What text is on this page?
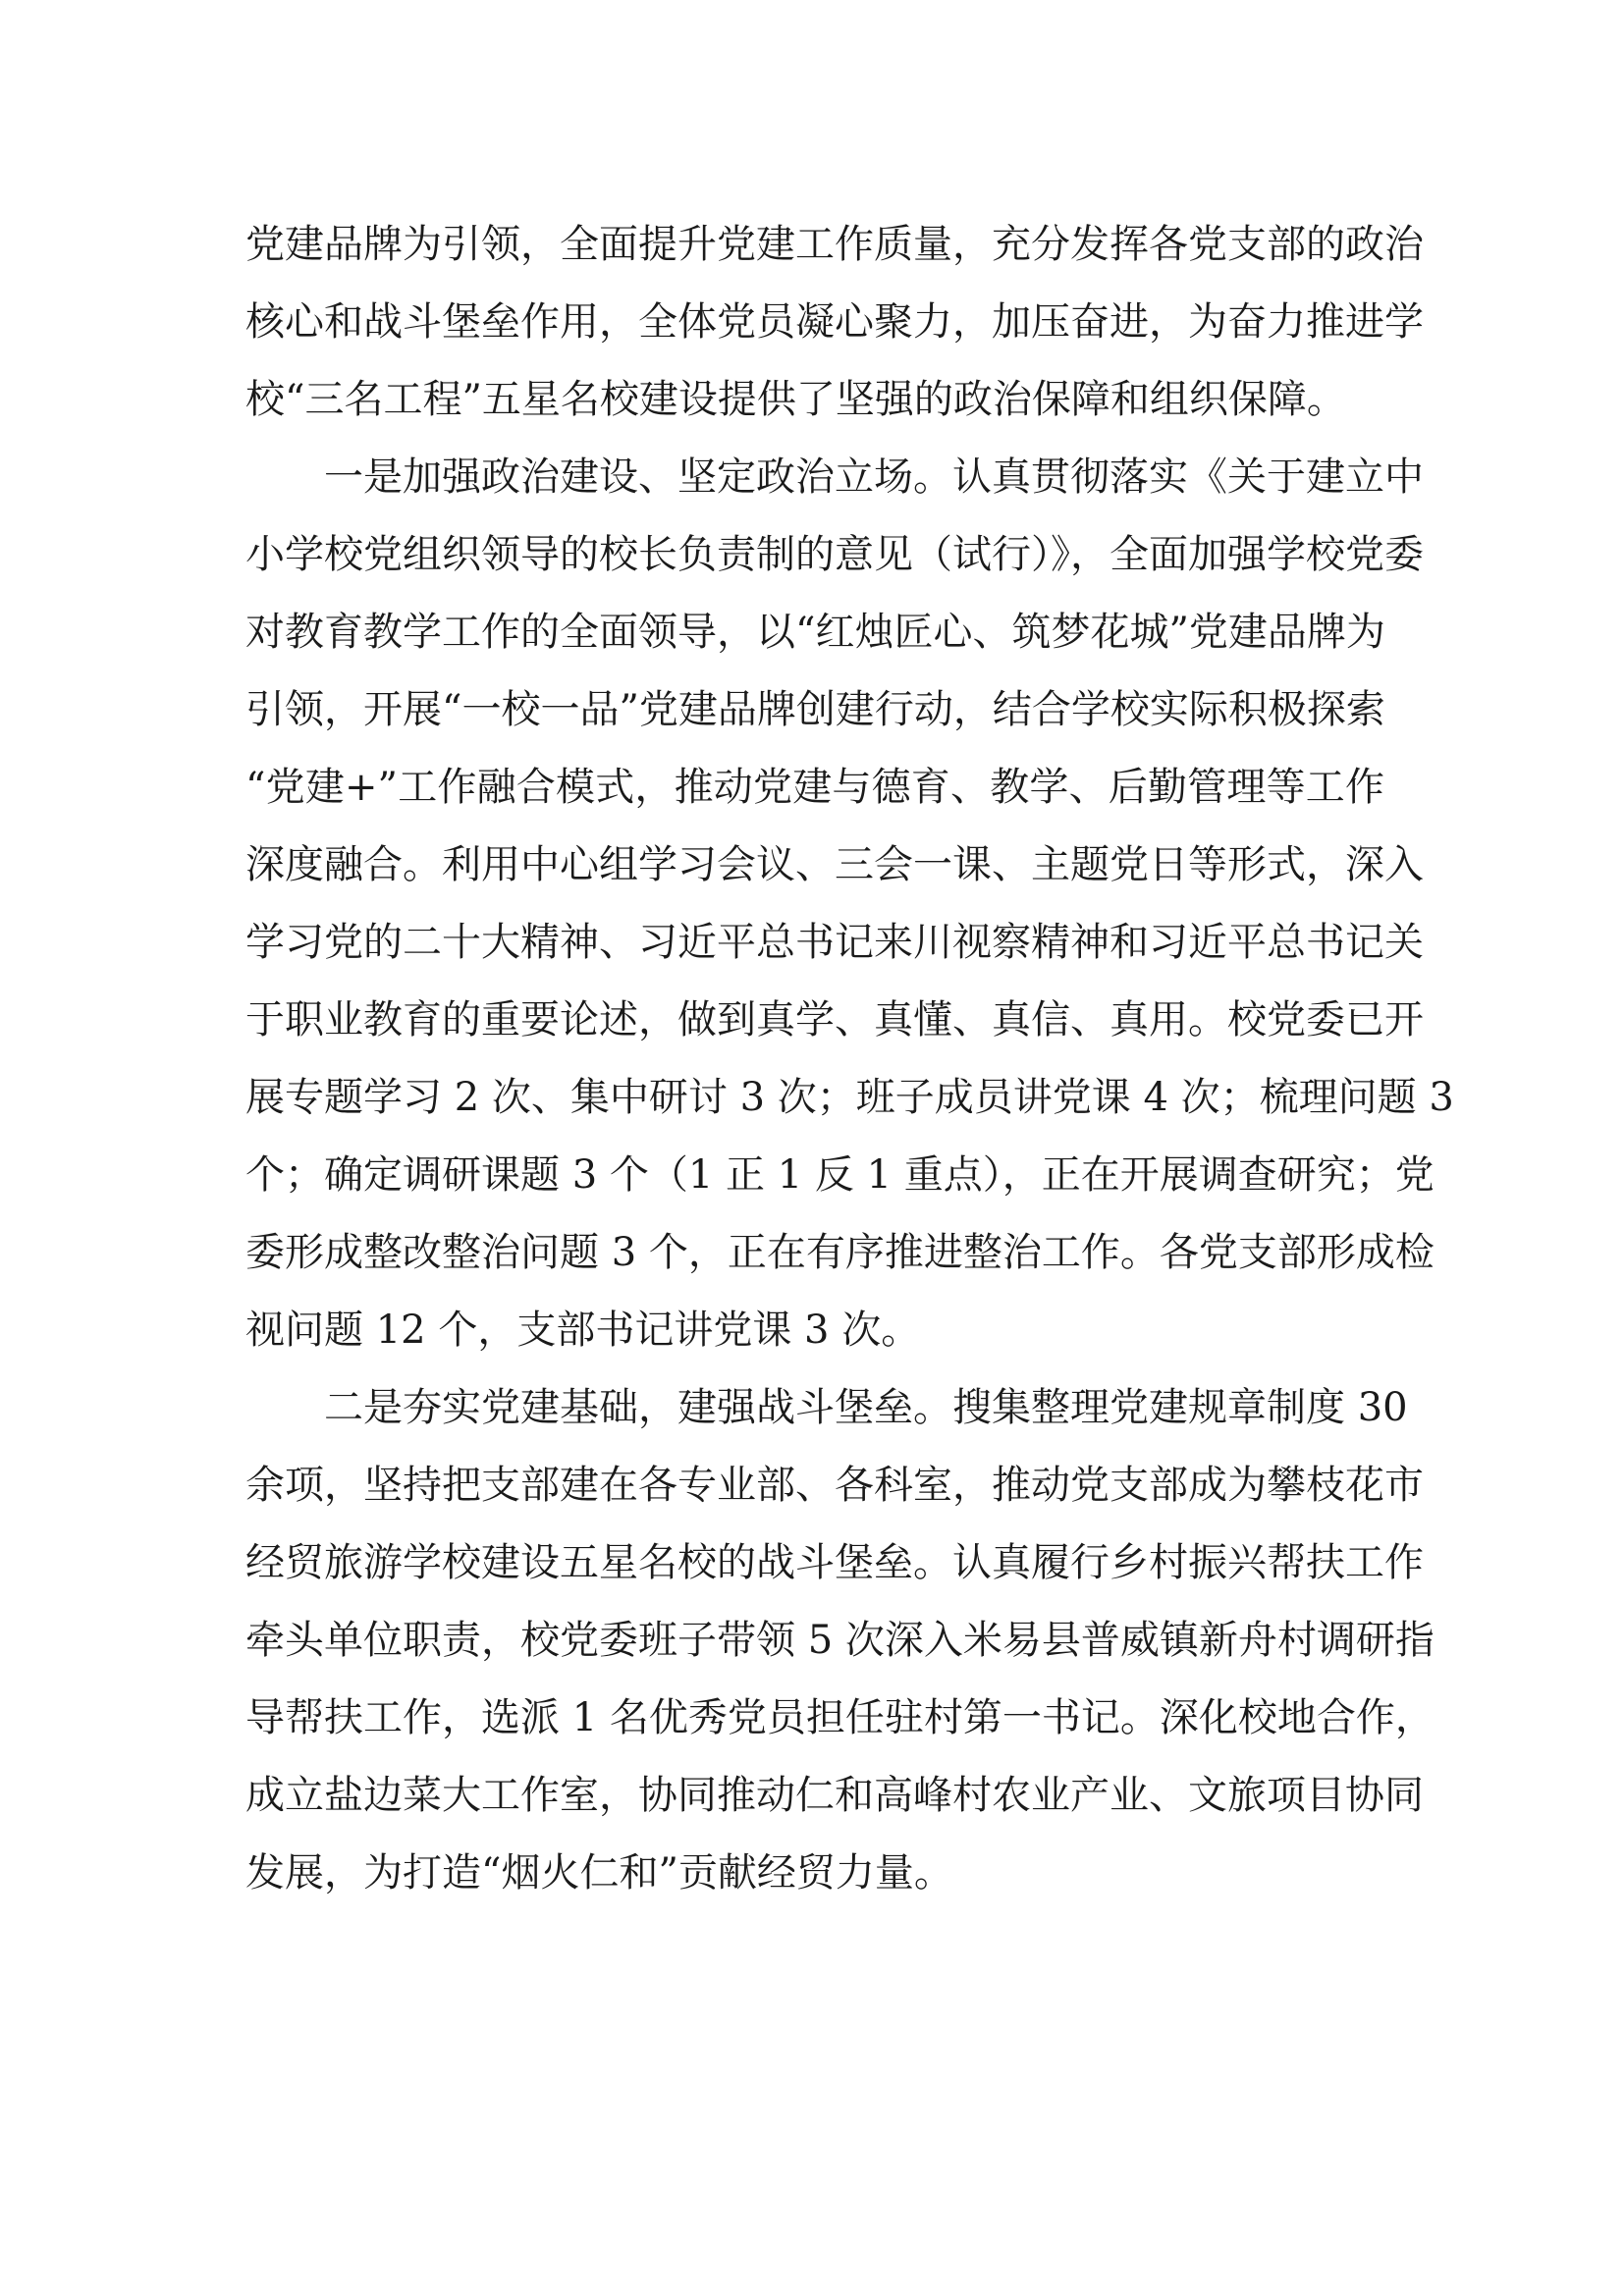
党建品牌为引领，全面提升党建工作质量，充分发挥各党支部的政治
核心和战斗堡垒作用，全体党员凝心聚力，加压奋进，为奋力推进学
校“三名工程”五星名校建设提供了坚强的政治保障和组织保障。
一是加强政治建设、坚定政治立场。认真贯彻落实《关于建立中
小学校党组织领导的校长负责制的意见（试行）》，全面加强学校党委
对教育教学工作的全面领导，以“红烛匠心、筑梦花城”党建品牌为
引领，开展“一校一品”党建品牌创建行动，结合学校实际积极探索
“党建+”工作融合模式，推动党建与德育、教学、后勤管理等工作
深度融合。利用中心组学习会议、三会一课、主题党日等形式，深入
学习党的二十大精神、习近平总书记来川视察精神和习近平总书记关
于职业教育的重要论述，做到真学、真懂、真信、真用。校党委已开
展专题学习 2 次、集中研讨 3 次；班子成员讲党课 4 次；梳理问题 3
个；确定调研课题 3 个（1 正 1 反 1 重点），正在开展调查研究；党
委形成整改整治问题 3 个，正在有序推进整治工作。各党支部形成检
视问题 12 个，支部书记讲党课 3 次。
二是夯实党建基础，建强战斗堡垒。搜集整理党建规章制度 30
余项，坚持把支部建在各专业部、各科室，推动党支部成为攀枝花市
经贸旅游学校建设五星名校的战斗堡垒。认真履行乡村振兴帮扶工作
牵头单位职责，校党委班子带领 5 次深入米易县普威镇新舟村调研指
导帮扶工作，选派 1 名优秀党员担任驻村第一书记。深化校地合作，
成立盐边菜大工作室，协同推动仁和高峰村农业产业、文旅项目协同
发展，为打造“烟火仁和”贡献经贸力量。
